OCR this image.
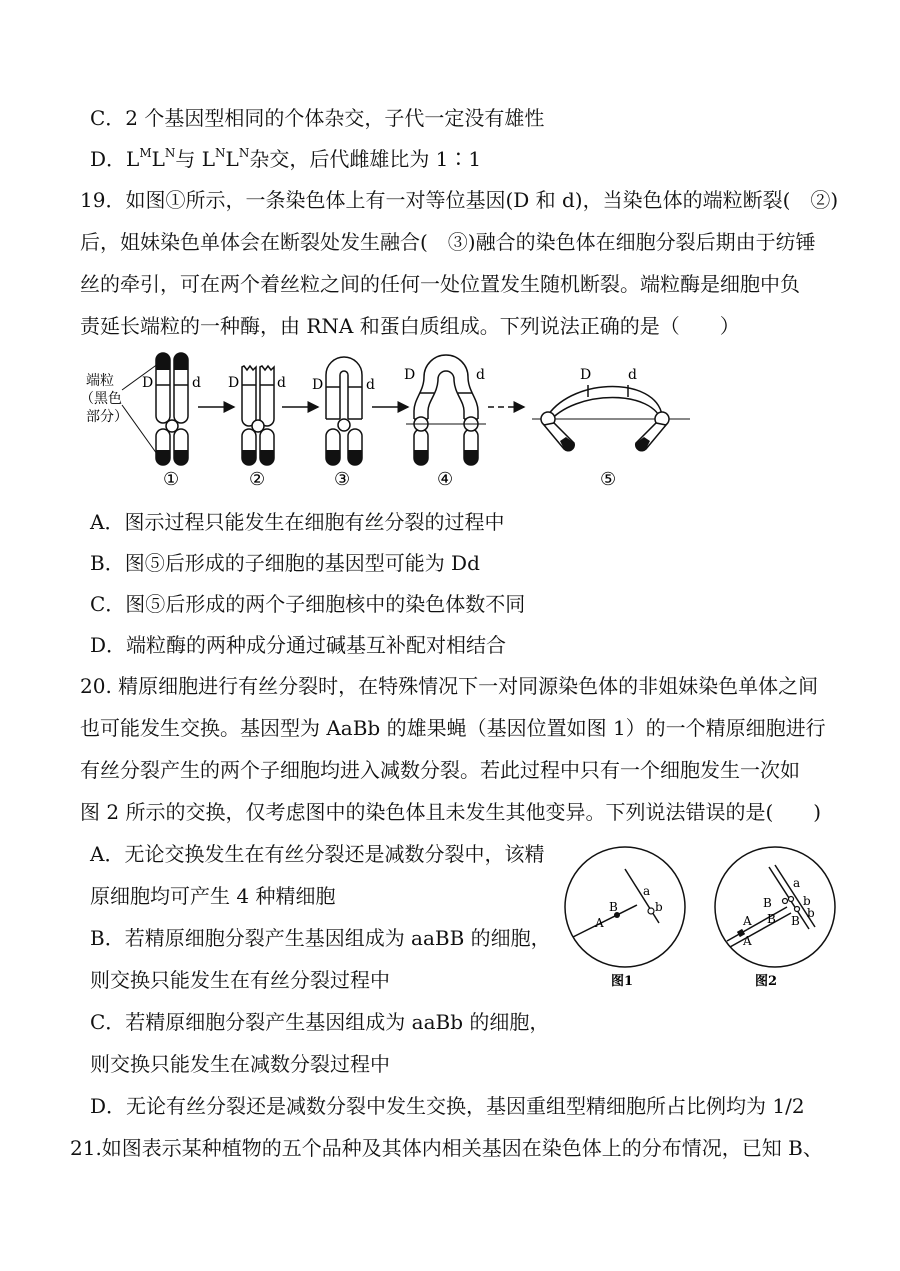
C．2 个基因型相同的个体杂交，子代一定没有雄性
D．$L^ML^N$与 $L^NL^N$杂交，后代雌雄比为 1∶1
19．如图①所示，一条染色体上有一对等位基因(D 和 d)，当染色体的端粒断裂(　②)
后，姐妹染色单体会在断裂处发生融合(　③)融合的染色体在细胞分裂后期由于纺锤
丝的牵引，可在两个着丝粒之间的任何一处位置发生随机断裂。端粒酶是细胞中负
责延长端粒的一种酶，由 RNA 和蛋白质组成。下列说法正确的是（　　）
端粒
（黑色
部分）
D	d D	d D	d
D	d	D	d
①	②	③	④	⑤
A．图示过程只能发生在细胞有丝分裂的过程中
B．图⑤后形成的子细胞的基因型可能为 Dd
C．图⑤后形成的两个子细胞核中的染色体数不同
D．端粒酶的两种成分通过碱基互补配对相结合
20. 精原细胞进行有丝分裂时，在特殊情况下一对同源染色体的非姐妹染色单体之间
也可能发生交换。基因型为 AaBb 的雄果蝇（基因位置如图 1）的一个精原细胞进行
有丝分裂产生的两个子细胞均进入减数分裂。若此过程中只有一个细胞发生一次如
图 2 所示的交换，仅考虑图中的染色体且未发生其他变异。下列说法错误的是(　　)
A．无论交换发生在有丝分裂还是减数分裂中，该精
原细胞均可产生 4 种精细胞
B．若精原细胞分裂产生基因组成为 aaBB 的细胞，
则交换只能发生在有丝分裂过程中
C．若精原细胞分裂产生基因组成为 aaBb 的细胞，
则交换只能发生在减数分裂过程中
D．无论有丝分裂还是减数分裂中发生交换，基因重组型精细胞所占比例均为 1/2
A
B
a
b
图1
A
A
B
B B
a
b
b
图2
21.如图表示某种植物的五个品种及其体内相关基因在染色体上的分布情况，已知 B、
